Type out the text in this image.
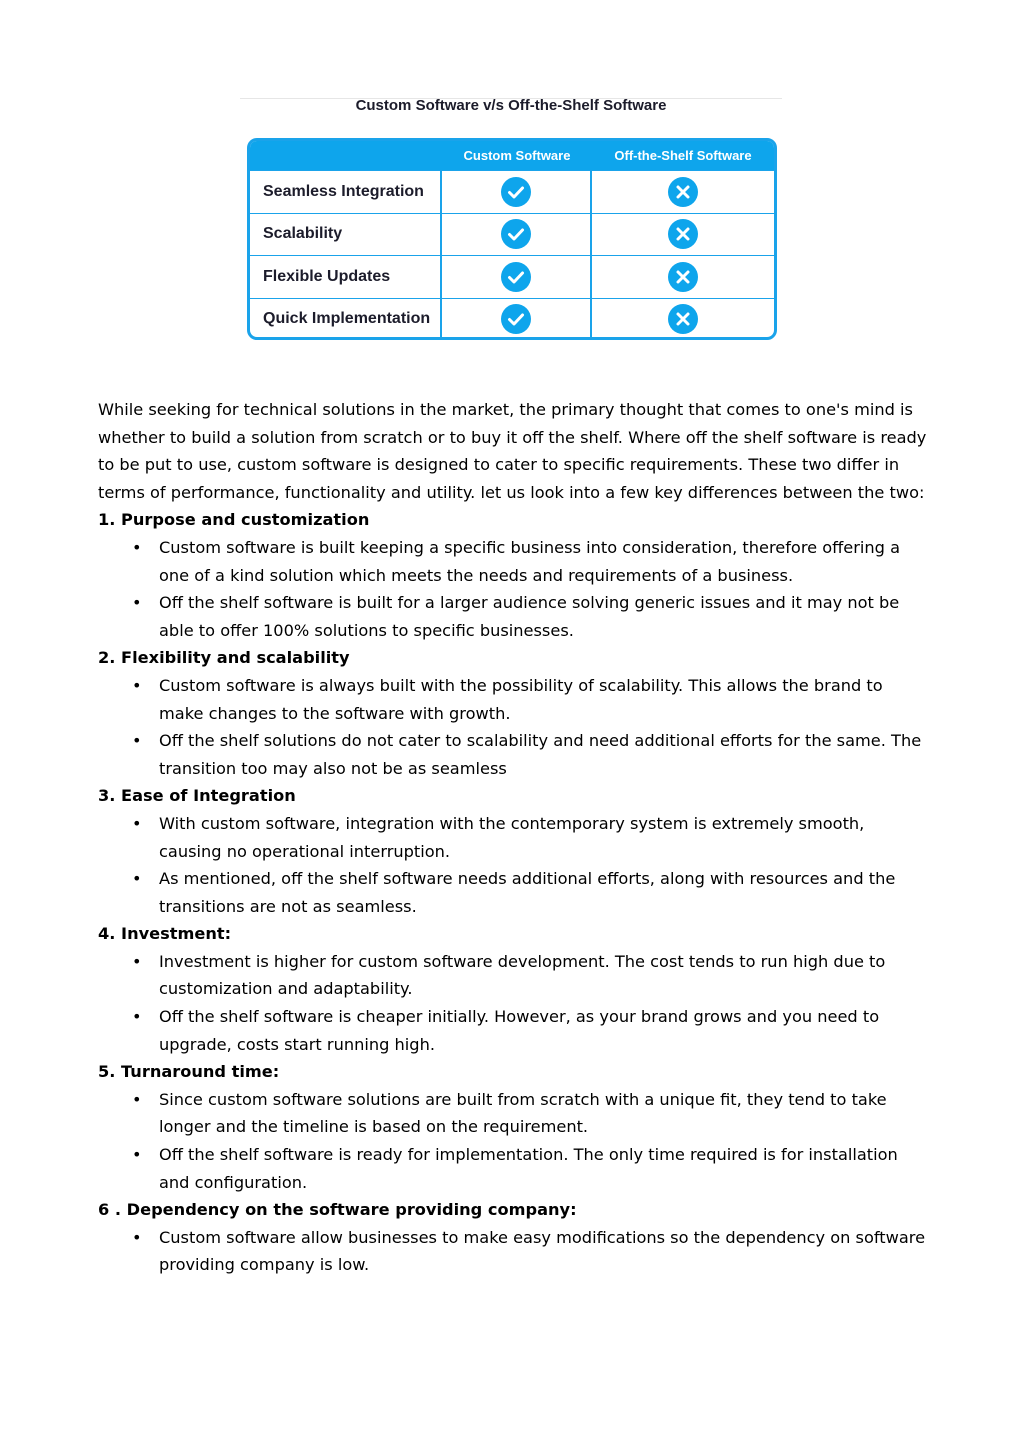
Custom Software v/s Off-the-Shelf Software
Custom Software	Off-the-Shelf Software
Seamless Integration
Scalability
Flexible Updates
Quick Implementation

While seeking for technical solutions in the market, the primary thought that comes to one's mind is whether to build a solution from scratch or to buy it off the shelf. Where off the shelf software is ready to be put to use, custom software is designed to cater to specific requirements. These two differ in terms of performance, functionality and utility. let us look into a few key differences between the two:

1. Purpose and customization

• Custom software is built keeping a specific business into consideration, therefore offering a one of a kind solution which meets the needs and requirements of a business.
• Off the shelf software is built for a larger audience solving generic issues and it may not be able to offer 100% solutions to specific businesses.

2. Flexibility and scalability

• Custom software is always built with the possibility of scalability. This allows the brand to make changes to the software with growth.
• Off the shelf solutions do not cater to scalability and need additional efforts for the same. The transition too may also not be as seamless

3. Ease of Integration

• With custom software, integration with the contemporary system is extremely smooth, causing no operational interruption.
• As mentioned, off the shelf software needs additional efforts, along with resources and the transitions are not as seamless.

4. Investment:

• Investment is higher for custom software development. The cost tends to run high due to customization and adaptability.
• Off the shelf software is cheaper initially. However, as your brand grows and you need to upgrade, costs start running high.

5. Turnaround time:

• Since custom software solutions are built from scratch with a unique fit, they tend to take longer and the timeline is based on the requirement.
• Off the shelf software is ready for implementation. The only time required is for installation and configuration.

6 . Dependency on the software providing company:

• Custom software allow businesses to make easy modifications so the dependency on software providing company is low.
